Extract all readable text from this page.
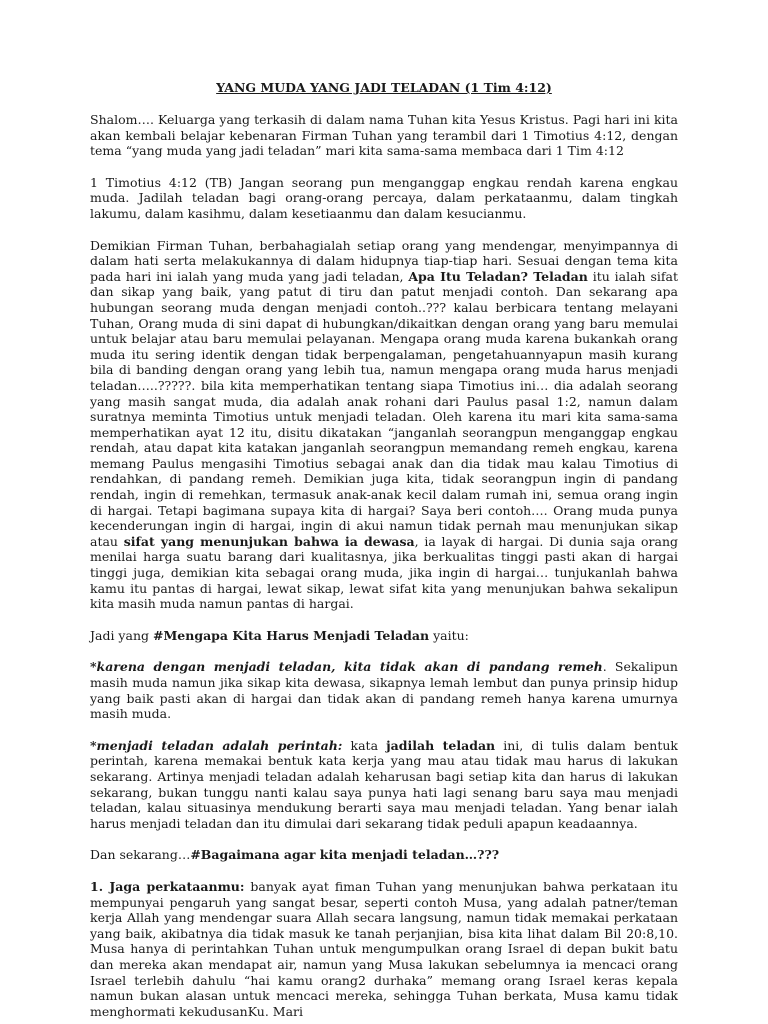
YANG MUDA YANG JADI TELADAN (1 Tim 4:12)

Shalom…. Keluarga yang terkasih di dalam nama Tuhan kita Yesus Kristus. Pagi hari ini kita akan kembali belajar kebenaran Firman Tuhan yang terambil dari 1 Timotius 4:12, dengan tema “yang muda yang jadi teladan” mari kita sama-sama membaca dari 1 Tim 4:12

1 Timotius 4:12 (TB) Jangan seorang pun menganggap engkau rendah karena engkau muda. Jadilah teladan bagi orang-orang percaya, dalam perkataanmu, dalam tingkah lakumu, dalam kasihmu, dalam kesetiaanmu dan dalam kesucianmu.

Demikian Firman Tuhan, berbahagialah setiap orang yang mendengar, menyimpannya di dalam hati serta melakukannya di dalam hidupnya tiap-tiap hari. Sesuai dengan tema kita pada hari ini ialah yang muda yang jadi teladan, Apa Itu Teladan? Teladan itu ialah sifat dan sikap yang baik, yang patut di tiru dan patut menjadi contoh. Dan sekarang apa hubungan seorang muda dengan menjadi contoh..??? kalau berbicara tentang melayani Tuhan, Orang muda di sini dapat di hubungkan/dikaitkan dengan orang yang baru memulai untuk belajar atau baru memulai pelayanan. Mengapa orang muda karena bukankah orang muda itu sering identik dengan tidak berpengalaman, pengetahuannyapun masih kurang bila di banding dengan orang yang lebih tua, namun mengapa orang muda harus menjadi teladan…..?????. bila kita memperhatikan tentang siapa Timotius ini… dia adalah seorang yang masih sangat muda, dia adalah anak rohani dari Paulus pasal 1:2, namun dalam suratnya meminta Timotius untuk menjadi teladan. Oleh karena itu mari kita sama-sama memperhatikan ayat 12 itu, disitu dikatakan “janganlah seorangpun menganggap engkau rendah, atau dapat kita katakan janganlah seorangpun memandang remeh engkau, karena memang Paulus mengasihi Timotius sebagai anak dan dia tidak mau kalau Timotius di rendahkan, di pandang remeh. Demikian juga kita, tidak seorangpun ingin di pandang rendah, ingin di remehkan, termasuk anak-anak kecil dalam rumah ini, semua orang ingin di hargai. Tetapi bagimana supaya kita di hargai? Saya beri contoh…. Orang muda punya kecenderungan ingin di hargai, ingin di akui namun tidak pernah mau menunjukan sikap atau sifat yang menunjukan bahwa ia dewasa, ia layak di hargai. Di dunia saja orang menilai harga suatu barang dari kualitasnya, jika berkualitas tinggi pasti akan di hargai tinggi juga, demikian kita sebagai orang muda, jika ingin di hargai… tunjukanlah bahwa kamu itu pantas di hargai, lewat sikap, lewat sifat kita yang menunjukan bahwa sekalipun kita masih muda namun pantas di hargai.

Jadi yang #Mengapa Kita Harus Menjadi Teladan yaitu:

*karena dengan menjadi teladan, kita tidak akan di pandang remeh. Sekalipun masih muda namun jika sikap kita dewasa, sikapnya lemah lembut dan punya prinsip hidup yang baik pasti akan di hargai dan tidak akan di pandang remeh hanya karena umurnya masih muda.

*menjadi teladan adalah perintah: kata jadilah teladan ini, di tulis dalam bentuk perintah, karena memakai bentuk kata kerja yang mau atau tidak mau harus di lakukan sekarang. Artinya menjadi teladan adalah keharusan bagi setiap kita dan harus di lakukan sekarang, bukan tunggu nanti kalau saya punya hati lagi senang baru saya mau menjadi teladan, kalau situasinya mendukung berarti saya mau menjadi teladan. Yang benar ialah harus menjadi teladan dan itu dimulai dari sekarang tidak peduli apapun keadaannya.

Dan sekarang…#Bagaimana agar kita menjadi teladan…???

1. Jaga perkataanmu: banyak ayat fiman Tuhan yang menunjukan bahwa perkataan itu mempunyai pengaruh yang sangat besar, seperti contoh Musa, yang adalah patner/teman kerja Allah yang mendengar suara Allah secara langsung, namun tidak memakai perkataan yang baik, akibatnya dia tidak masuk ke tanah perjanjian, bisa kita lihat dalam Bil 20:8,10. Musa hanya di perintahkan Tuhan untuk mengumpulkan orang Israel di depan bukit batu dan mereka akan mendapat air, namun yang Musa lakukan sebelumnya ia mencaci orang Israel terlebih dahulu “hai kamu orang2 durhaka” memang orang Israel keras kepala namun bukan alasan untuk mencaci mereka, sehingga Tuhan berkata, Musa kamu tidak menghormati kekudusanKu. Mari
